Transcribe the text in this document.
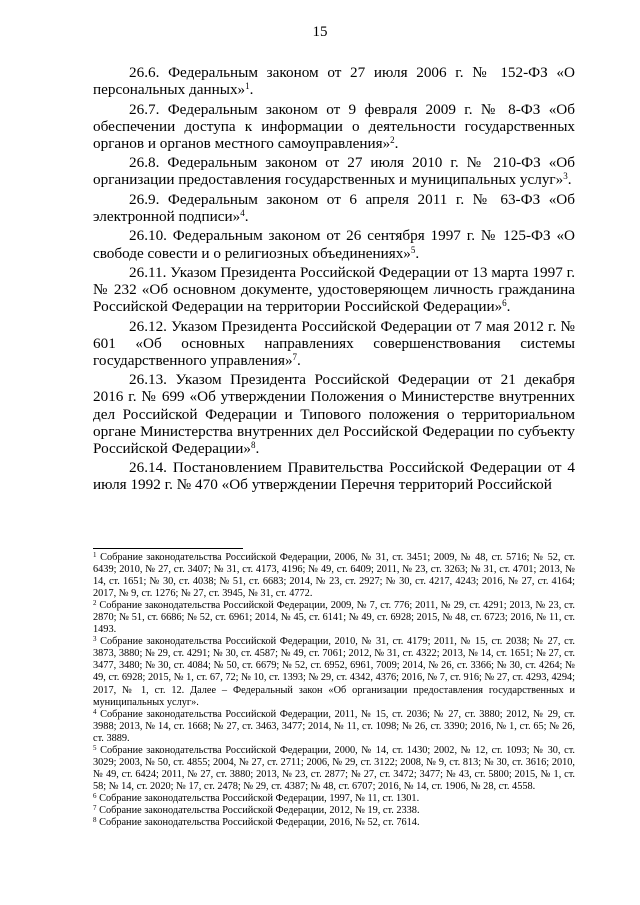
15

26.6. Федеральным законом от 27 июля 2006 г. № 152-ФЗ «О персональных данных»$^1$.

26.7. Федеральным законом от 9 февраля 2009 г. № 8-ФЗ «Об обеспечении доступа к информации о деятельности государственных органов и органов местного самоуправления»$^2$.

26.8. Федеральным законом от 27 июля 2010 г. № 210-ФЗ «Об организации предоставления государственных и муниципальных услуг»$^3$.

26.9. Федеральным законом от 6 апреля 2011 г. № 63-ФЗ «Об электронной подписи»$^4$.

26.10. Федеральным законом от 26 сентября 1997 г. № 125-ФЗ «О свободе совести и о религиозных объединениях»$^5$.

26.11. Указом Президента Российской Федерации от 13 марта 1997 г. № 232 «Об основном документе, удостоверяющем личность гражданина Российской Федерации на территории Российской Федерации»$^6$.

26.12. Указом Президента Российской Федерации от 7 мая 2012 г. № 601 «Об основных направлениях совершенствования системы государственного управления»$^7$.

26.13. Указом Президента Российской Федерации от 21 декабря 2016 г. № 699 «Об утверждении Положения о Министерстве внутренних дел Российской Федерации и Типового положения о территориальном органе Министерства внутренних дел Российской Федерации по субъекту Российской Федерации»$^8$.

26.14. Постановлением Правительства Российской Федерации от 4 июля 1992 г. № 470 «Об утверждении Перечня территорий Российской

$^1$ Собрание законодательства Российской Федерации, 2006, № 31, ст. 3451; 2009, № 48, ст. 5716; № 52, ст. 6439; 2010, № 27, ст. 3407; № 31, ст. 4173, 4196; № 49, ст. 6409; 2011, № 23, ст. 3263; № 31, ст. 4701; 2013, № 14, ст. 1651; № 30, ст. 4038; № 51, ст. 6683; 2014, № 23, ст. 2927; № 30, ст. 4217, 4243; 2016, № 27, ст. 4164; 2017, № 9, ст. 1276; № 27, ст. 3945, № 31, ст. 4772.

$^2$ Собрание законодательства Российской Федерации, 2009, № 7, ст. 776; 2011, № 29, ст. 4291; 2013, № 23, ст. 2870; № 51, ст. 6686; № 52, ст. 6961; 2014, № 45, ст. 6141; № 49, ст. 6928; 2015, № 48, ст. 6723; 2016, № 11, ст. 1493.

$^3$ Собрание законодательства Российской Федерации, 2010, № 31, ст. 4179; 2011, № 15, ст. 2038; № 27, ст. 3873, 3880; № 29, ст. 4291; № 30, ст. 4587; № 49, ст. 7061; 2012, № 31, ст. 4322; 2013, № 14, ст. 1651; № 27, ст. 3477, 3480; № 30, ст. 4084; № 50, ст. 6679; № 52, ст. 6952, 6961, 7009; 2014, № 26, ст. 3366; № 30, ст. 4264; № 49, ст. 6928; 2015, № 1, ст. 67, 72; № 10, ст. 1393; № 29, ст. 4342, 4376; 2016, № 7, ст. 916; № 27, ст. 4293, 4294; 2017, № 1, ст. 12. Далее – Федеральный закон «Об организации предоставления государственных и муниципальных услуг».

$^4$ Собрание законодательства Российской Федерации, 2011, № 15, ст. 2036; № 27, ст. 3880; 2012, № 29, ст. 3988; 2013, № 14, ст. 1668; № 27, ст. 3463, 3477; 2014, № 11, ст. 1098; № 26, ст. 3390; 2016, № 1, ст. 65; № 26, ст. 3889.

$^5$ Собрание законодательства Российской Федерации, 2000, № 14, ст. 1430; 2002, № 12, ст. 1093; № 30, ст. 3029; 2003, № 50, ст. 4855; 2004, № 27, ст. 2711; 2006, № 29, ст. 3122; 2008, № 9, ст. 813; № 30, ст. 3616; 2010, № 49, ст. 6424; 2011, № 27, ст. 3880; 2013, № 23, ст. 2877; № 27, ст. 3472; 3477; № 43, ст. 5800; 2015, № 1, ст. 58; № 14, ст. 2020; № 17, ст. 2478; № 29, ст. 4387; № 48, ст. 6707; 2016, № 14, ст. 1906, № 28, ст. 4558.

$^6$ Собрание законодательства Российской Федерации, 1997, № 11, ст. 1301.

$^7$ Собрание законодательства Российской Федерации, 2012, № 19, ст. 2338.

$^8$ Собрание законодательства Российской Федерации, 2016, № 52, ст. 7614.
